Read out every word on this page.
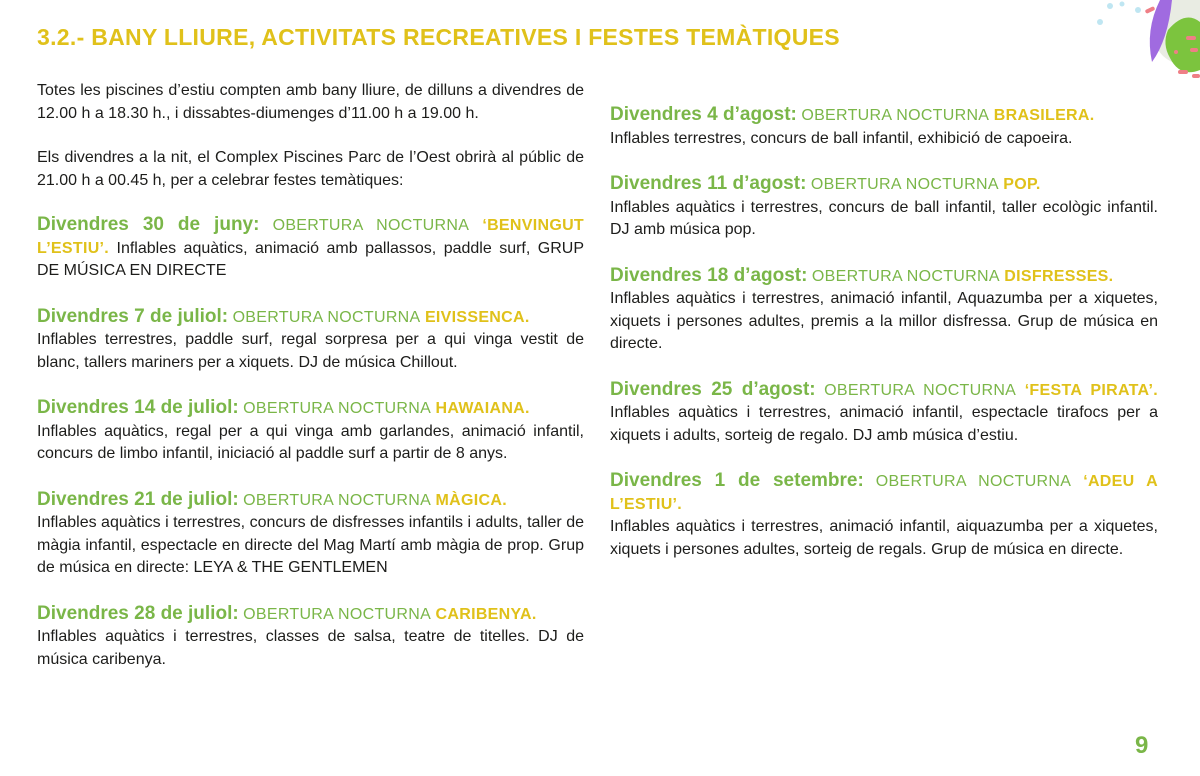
3.2.- BANY LLIURE, ACTIVITATS RECREATIVES I FESTES TEMÀTIQUES

Totes les piscines d’estiu compten amb bany lliure, de dilluns a divendres de 12.00 h a 18.30 h., i dissabtes-diumenges d’11.00 h a 19.00 h.

Els divendres a la nit, el Complex Piscines Parc de l’Oest obrirà al públic de 21.00 h a 00.45 h, per a celebrar festes temàtiques:

Divendres 30 de juny: OBERTURA NOCTURNA ‘BENVINGUT L’ESTIU’. Inflables aquàtics, animació amb pallassos, paddle surf, GRUP DE MÚSICA EN DIRECTE

Divendres 7 de juliol: OBERTURA NOCTURNA EIVISSENCA.
Inflables terrestres, paddle surf, regal sorpresa per a qui vinga vestit de blanc, tallers mariners per a xiquets. DJ de música Chillout.

Divendres 14 de juliol: OBERTURA NOCTURNA HAWAIANA.
Inflables aquàtics, regal per a qui vinga amb garlandes, animació infantil, concurs de limbo infantil, iniciació al paddle surf a partir de 8 anys.

Divendres 21 de juliol: OBERTURA NOCTURNA MÀGICA.
Inflables aquàtics i terrestres, concurs de disfresses infantils i adults, taller de màgia infantil, espectacle en directe del Mag Martí amb màgia de prop. Grup de música en directe: LEYA & THE GENTLEMEN

Divendres 28 de juliol: OBERTURA NOCTURNA CARIBENYA.
Inflables aquàtics i terrestres, classes de salsa, teatre de titelles. DJ de música caribenya.

Divendres 4 d’agost: OBERTURA NOCTURNA BRASILERA.
Inflables terrestres, concurs de ball infantil, exhibició de capoeira.

Divendres 11 d’agost: OBERTURA NOCTURNA POP.
Inflables aquàtics i terrestres, concurs de ball infantil, taller ecològic infantil. DJ amb música pop.

Divendres 18 d’agost: OBERTURA NOCTURNA DISFRESSES.
Inflables aquàtics i terrestres, animació infantil, Aquazumba per a xiquetes, xiquets i persones adultes, premis a la millor disfressa. Grup de música en directe.

Divendres 25 d’agost: OBERTURA NOCTURNA ‘FESTA PIRATA’. Inflables aquàtics i terrestres, animació infantil, espectacle tirafocs per a xiquets i adults, sorteig de regalo. DJ amb música d’estiu.

Divendres 1 de setembre: OBERTURA NOCTURNA ‘ADEU A L’ESTIU’.
Inflables aquàtics i terrestres, animació infantil, aiquazumba per a xiquetes, xiquets i persones adultes, sorteig de regals. Grup de música en directe.

9
